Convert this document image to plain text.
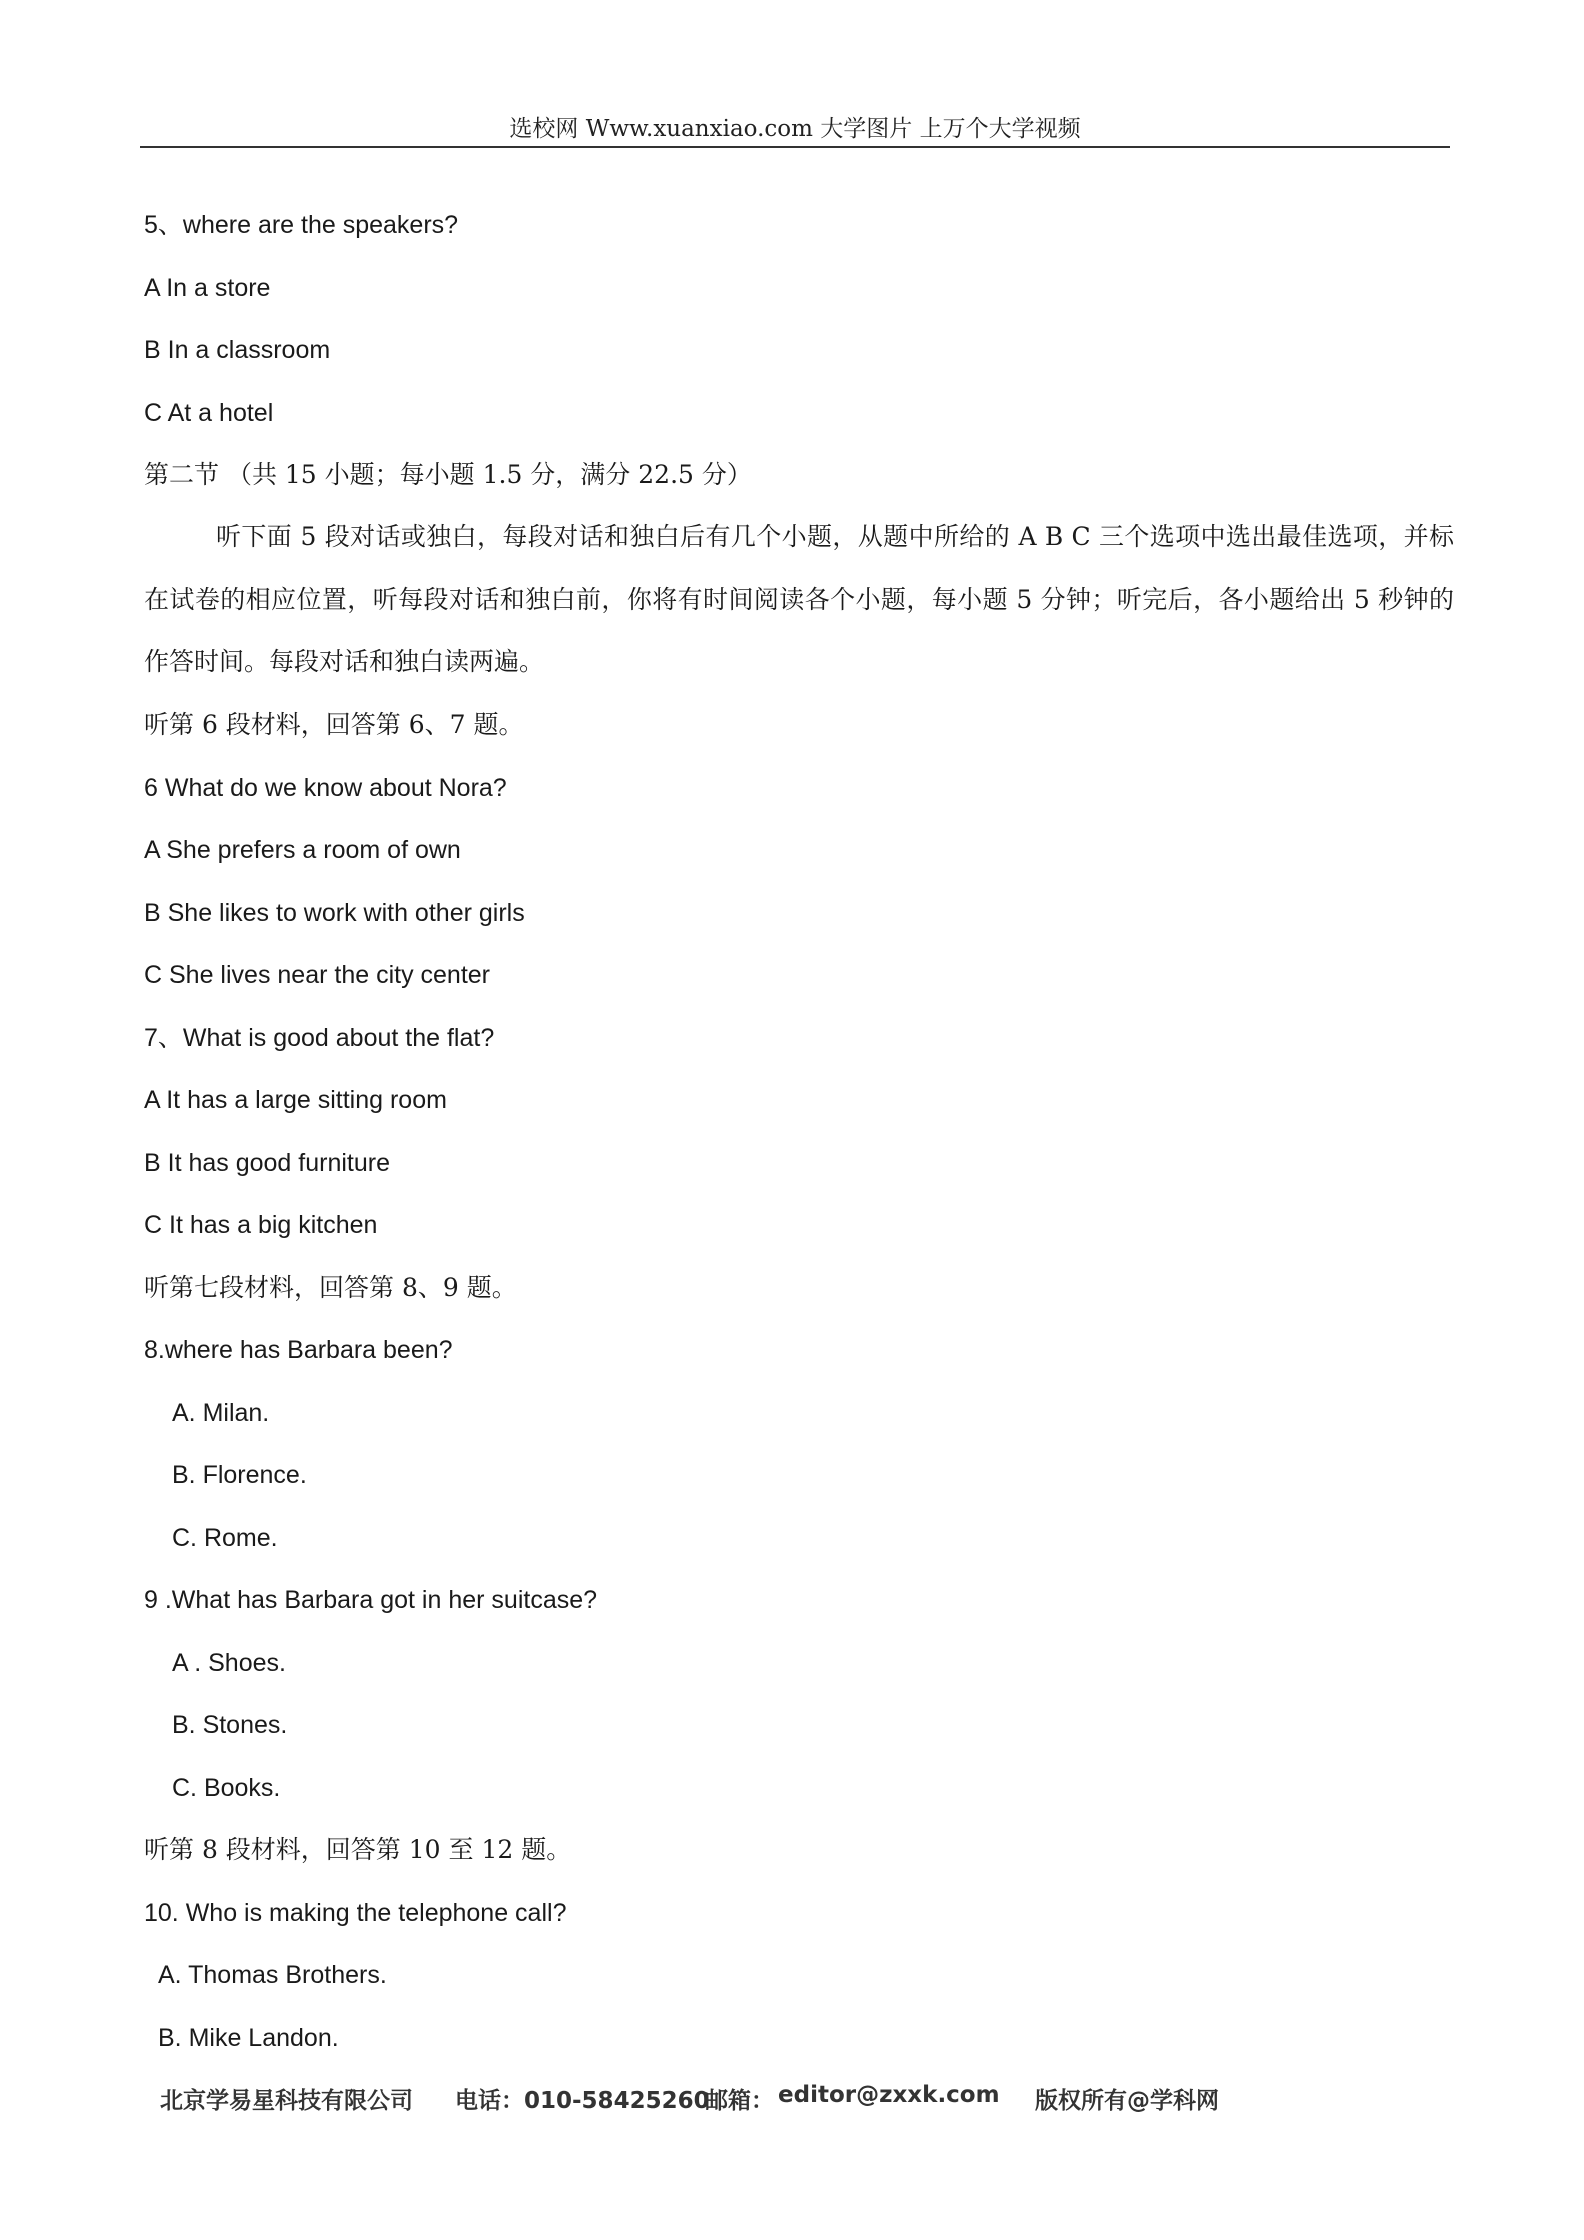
选校网 Www.xuanxiao.com 大学图片 上万个大学视频
5、where are the speakers?
A In a store
B In a classroom
C At a hotel
第二节 （共 15 小题；每小题 1.5 分，满分 22.5 分）
听下面 5 段对话或独白，每段对话和独白后有几个小题，从题中所给的 A B C 三个选项中选出最佳选项，并标在试卷的相应位置，听每段对话和独白前，你将有时间阅读各个小题，每小题 5 分钟；听完后，各小题给出 5 秒钟的作答时间。每段对话和独白读两遍。
听第 6 段材料，回答第 6、7 题。
6 What do we know about Nora?
A She prefers a room of own
B She likes to work with other girls
C She lives near the city center
7、What is good about the flat?
A It has a large sitting room
B It has good furniture
C It has a big kitchen
听第七段材料，回答第 8、9 题。
8.where has Barbara been?
A. Milan.
B. Florence.
C. Rome.
9 .What has Barbara got in her suitcase?
A . Shoes.
B. Stones.
C. Books.
听第 8 段材料，回答第 10 至 12 题。
10. Who is making the telephone call?
A. Thomas Brothers.
B. Mike Landon.
北京学易星科技有限公司 电话：010-58425260
邮箱： editor@zxxk.com 版权所有@学科网
